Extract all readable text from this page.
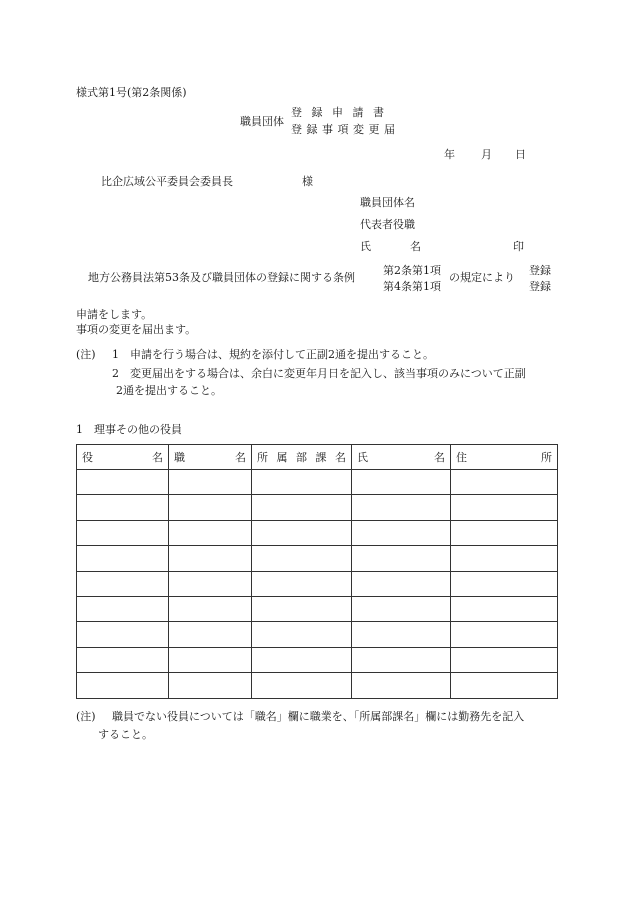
様式第1号(第2条関係)
職員団体
登 録 申 請 書
登 録 事 項 変 更 届
年 月 日
比企広域公平委員会委員長	様
職員団体名
代表者役職
氏	名	印
地方公務員法第53条及び職員団体の登録に関する条例
第2条第1項
第4条第1項
の規定により
登録
登録
申請をします。
事項の変更を届出ます。
(注) 1 申請を行う場合は、規約を添付して正副2通を提出すること。
2 変更届出をする場合は、余白に変更年月日を記入し、該当事項のみについて正副
2通を提出すること。
1 理事その他の役員
役 名	職 名	所 属 部 課 名	氏 名	住 所

(注) 職員でない役員については「職名」欄に職業を、「所属部課名」欄には勤務先を記入
すること。
